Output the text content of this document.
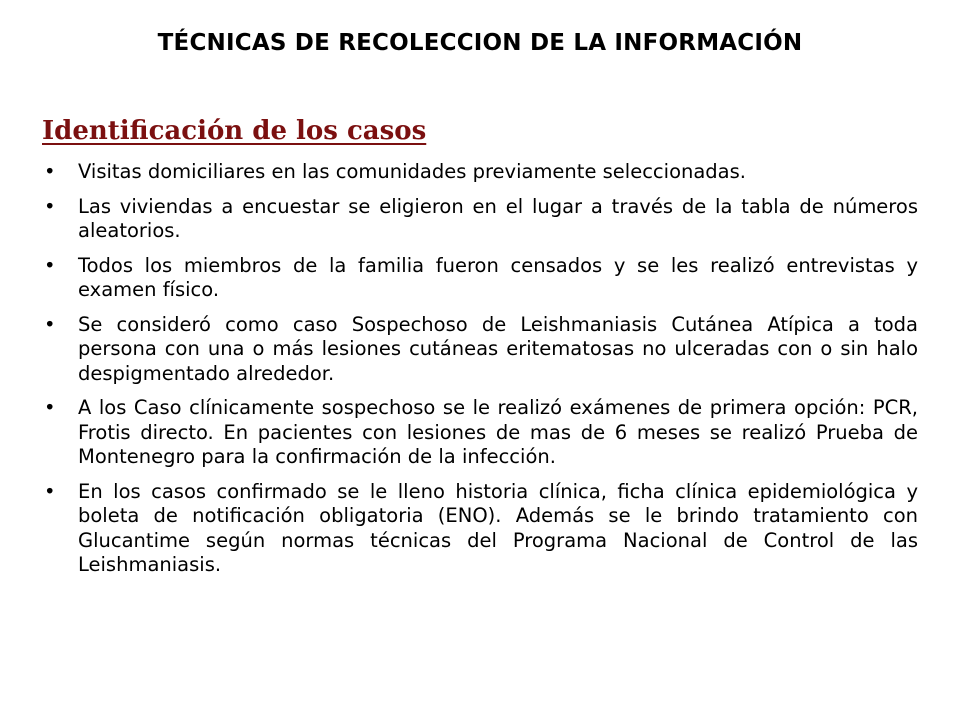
TÉCNICAS DE RECOLECCION DE LA INFORMACIÓN
Identificación de los casos
• Visitas domiciliares en las comunidades previamente seleccionadas.
• Las viviendas a encuestar se eligieron en el lugar a través de la tabla de números aleatorios.
• Todos los miembros de la familia fueron censados y se les realizó entrevistas y examen físico.
• Se consideró como caso Sospechoso de Leishmaniasis Cutánea Atípica a toda persona con una o más lesiones cutáneas eritematosas no ulceradas con o sin halo despigmentado alrededor.
• A los Caso clínicamente sospechoso se le realizó exámenes de primera opción: PCR, Frotis directo. En pacientes con lesiones de mas de 6 meses se realizó Prueba de Montenegro para la confirmación de la infección.
• En los casos confirmado se le lleno historia clínica, ficha clínica epidemiológica y boleta de notificación obligatoria (ENO). Además se le brindo tratamiento con Glucantime según normas técnicas del Programa Nacional de Control de las Leishmaniasis.
